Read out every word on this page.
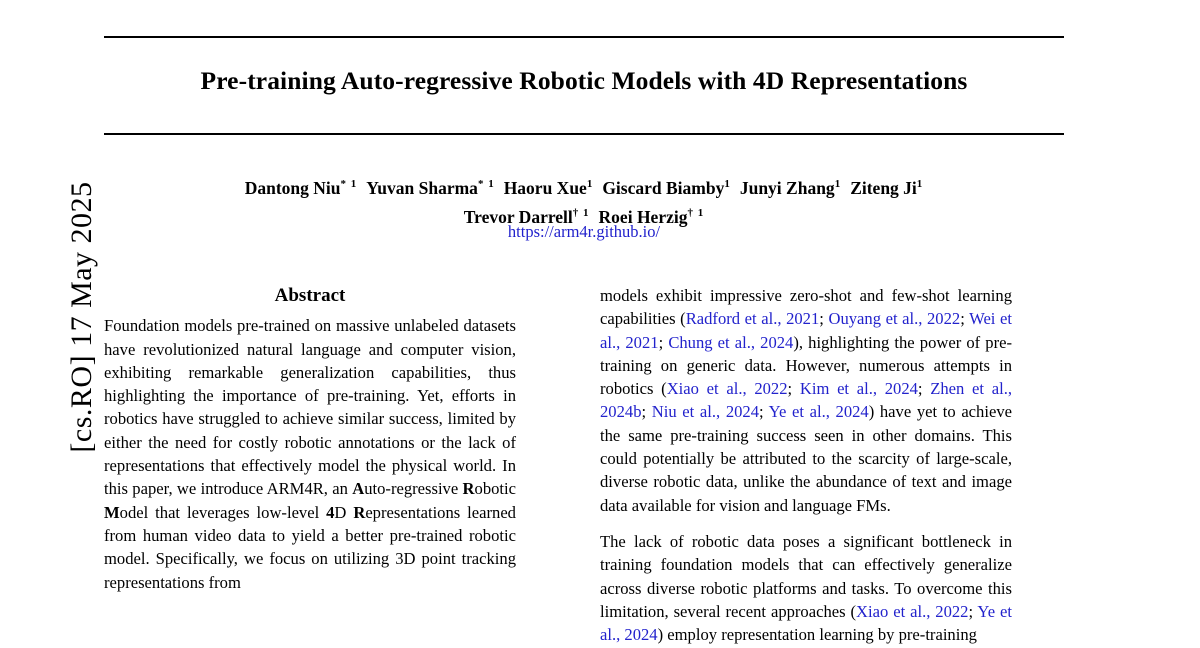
[cs.RO] 17 May 2025
Pre-training Auto-regressive Robotic Models with 4D Representations
Dantong Niu$^{* 1}$ Yuvan Sharma$^{* 1}$ Haoru Xue$^1$ Giscard Biamby$^1$ Junyi Zhang$^1$ Ziteng Ji$^1$
Trevor Darrell$^{\dagger 1}$ Roei Herzig$^{\dagger 1}$
https://arm4r.github.io/
Abstract

Foundation models pre-trained on massive unlabeled datasets have revolutionized natural language and computer vision, exhibiting remarkable generalization capabilities, thus highlighting the importance of pre-training. Yet, efforts in robotics have struggled to achieve similar success, limited by either the need for costly robotic annotations or the lack of representations that effectively model the physical world. In this paper, we introduce ARM4R, an Auto-regressive Robotic Model that leverages low-level 4D Representations learned from human video data to yield a better pre-trained robotic model. Specifically, we focus on utilizing 3D point tracking representations from

models exhibit impressive zero-shot and few-shot learning capabilities (Radford et al., 2021; Ouyang et al., 2022; Wei et al., 2021; Chung et al., 2024), highlighting the power of pre-training on generic data. However, numerous attempts in robotics (Xiao et al., 2022; Kim et al., 2024; Zhen et al., 2024b; Niu et al., 2024; Ye et al., 2024) have yet to achieve the same pre-training success seen in other domains. This could potentially be attributed to the scarcity of large-scale, diverse robotic data, unlike the abundance of text and image data available for vision and language FMs.

The lack of robotic data poses a significant bottleneck in training foundation models that can effectively generalize across diverse robotic platforms and tasks. To overcome this limitation, several recent approaches (Xiao et al., 2022; Ye et al., 2024) employ representation learning by pre-training
